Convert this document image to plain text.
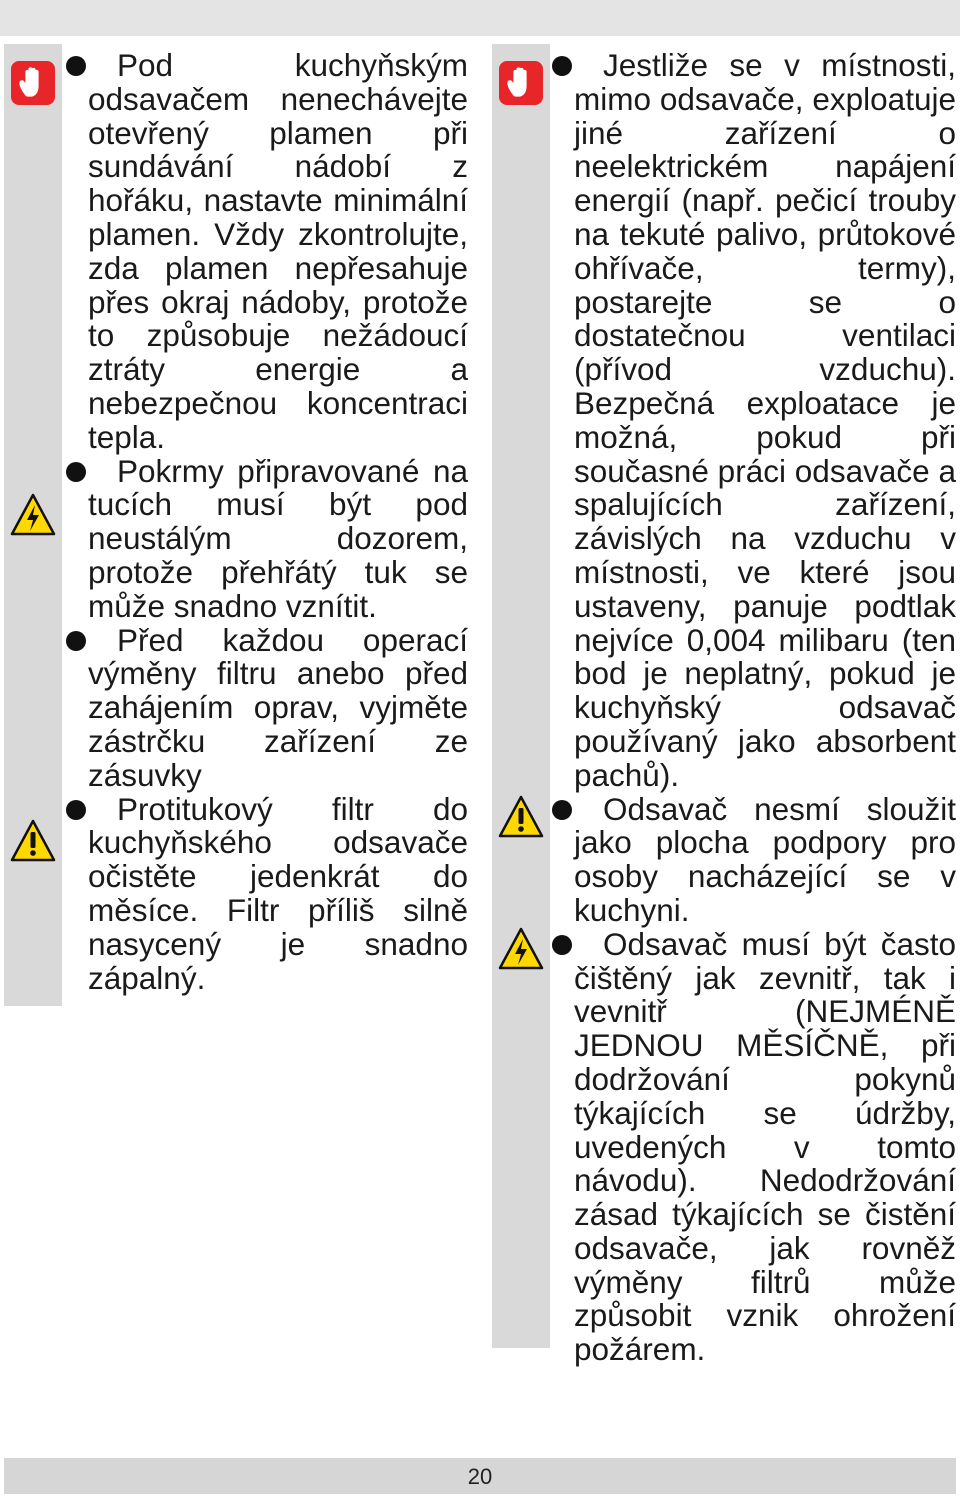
Pod kuchyňským odsavačem nenechávejte otevřený plamen při sundávání nádobí z hořáku, nastavte minimální plamen. Vždy zkontrolujte, zda plamen nepřesahuje přes okraj nádoby, protože to způsobuje nežádoucí ztráty energie a nebezpečnou koncentraci tepla.

Pokrmy připravované na tucích musí být pod neustálým dozorem, protože přehřátý tuk se může snadno vznítit.

Před každou operací výměny filtru anebo před zahájením oprav, vyjměte zástrčku zařízení ze zásuvky

Protitukový filtr do kuchyňského odsavače očistěte jedenkrát do měsíce. Filtr příliš silně nasycený je snadno zápalný.

Jestliže se v místnosti, mimo odsavače, exploatuje jiné zařízení o neelektrickém napájení energií (např. pečicí trouby na tekuté palivo, průtokové ohřívače, termy), postarejte se o dostatečnou ventilaci (přívod vzduchu). Bezpečná exploatace je možná, pokud při současné práci odsavače a spalujících zařízení, závislých na vzduchu v místnosti, ve které jsou ustaveny, panuje podtlak nejvíce 0,004 milibaru (ten bod je neplatný, pokud je kuchyňský odsavač používaný jako absorbent pachů).

Odsavač nesmí sloužit jako plocha podpory pro osoby nacházející se v kuchyni.

Odsavač musí být často čištěný jak zevnitř, tak i vevnitř (NEJMÉNĚ JEDNOU MĚSÍČNĚ, při dodržování pokynů týkajících se údržby, uvedených v tomto návodu). Nedodržování zásad týkajících se čistění odsavače, jak rovněž výměny filtrů může způsobit vznik ohrožení požárem.

20
